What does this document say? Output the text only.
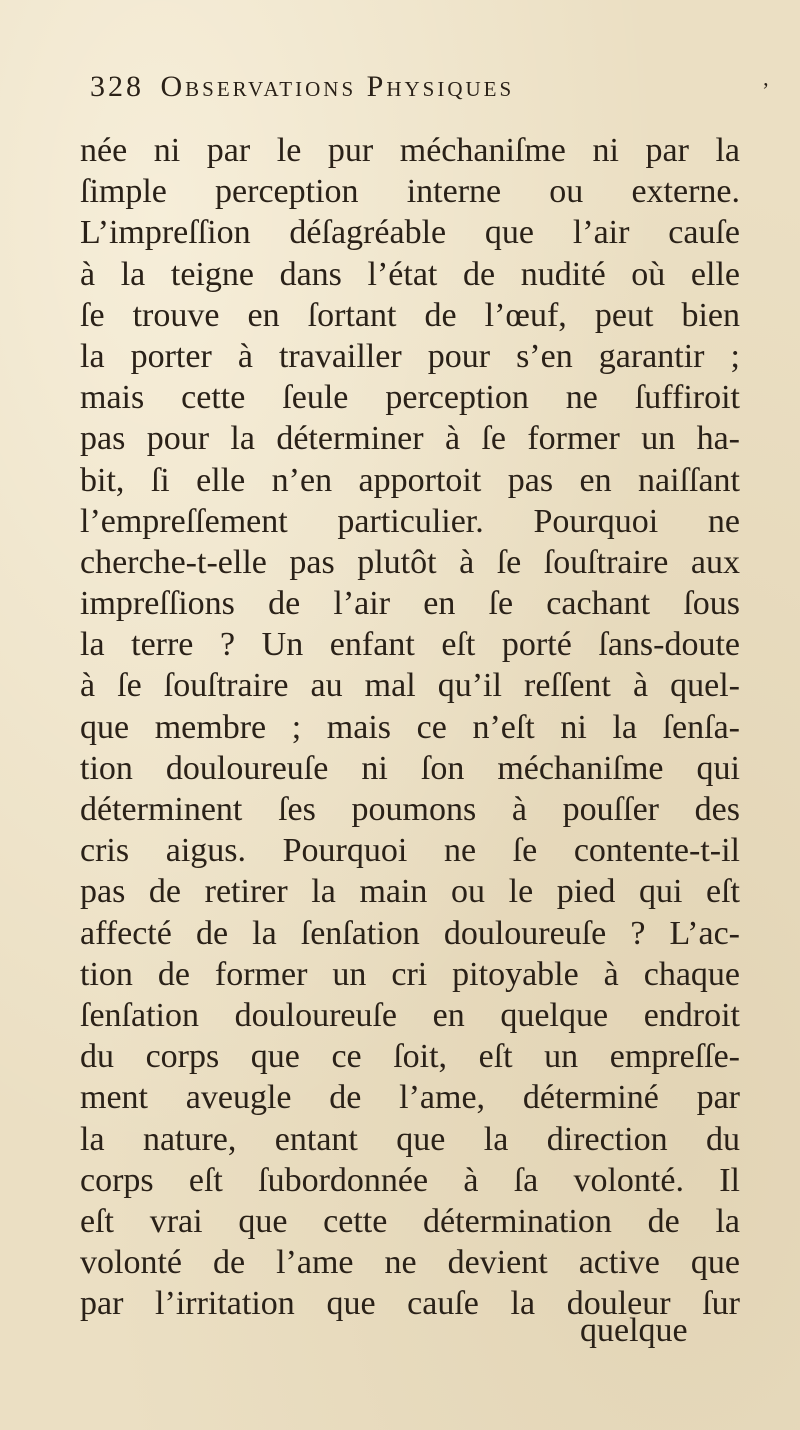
328 Observations Physiques	ʼ
née ni par le pur méchaniſme ni par la
ſimple perception interne ou externe.
L’impreſſion déſagréable que l’air cauſe
à la teigne dans l’état de nudité où elle
ſe trouve en ſortant de l’œuf, peut bien
la porter à travailler pour s’en garantir ;
mais cette ſeule perception ne ſuffiroit
pas pour la déterminer à ſe former un ha-
bit, ſi elle n’en apportoit pas en naiſſant
l’empreſſement particulier. Pourquoi ne
cherche-t-elle pas plutôt à ſe ſouſtraire aux
impreſſions de l’air en ſe cachant ſous
la terre ? Un enfant eſt porté ſans-doute
à ſe ſouſtraire au mal qu’il reſſent à quel-
que membre ; mais ce n’eſt ni la ſenſa-
tion douloureuſe ni ſon méchaniſme qui
déterminent ſes poumons à pouſſer des
cris aigus. Pourquoi ne ſe contente-t-il
pas de retirer la main ou le pied qui eſt
affecté de la ſenſation douloureuſe ? L’ac-
tion de former un cri pitoyable à chaque
ſenſation douloureuſe en quelque endroit
du corps que ce ſoit, eſt un empreſſe-
ment aveugle de l’ame, déterminé par
la nature, entant que la direction du
corps eſt ſubordonnée à ſa volonté. Il
eſt vrai que cette détermination de la
volonté de l’ame ne devient active que
par l’irritation que cauſe la douleur ſur
quelque
